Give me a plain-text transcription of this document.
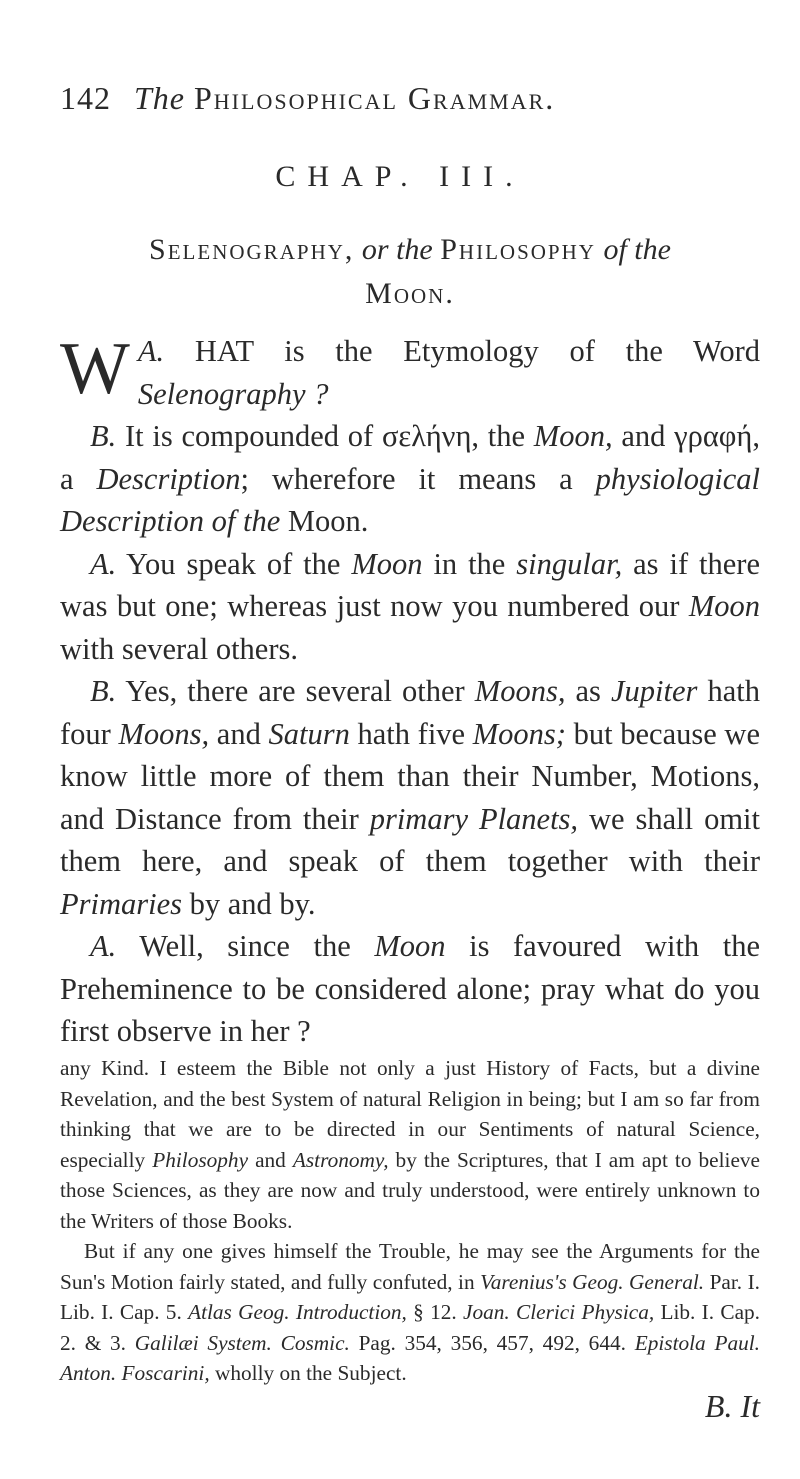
142 The Philosophical Grammar.
CHAP. III.
Selenography, or the Philosophy of the
Moon.

A.
W HAT is the Etymology of the Word Selenography ?

B. It is compounded of σελήνη, the Moon, and γραφή, a Description; wherefore it means a physiological Description of the Moon.

A. You speak of the Moon in the singular, as if there was but one; whereas just now you numbered our Moon with several others.

B. Yes, there are several other Moons, as Jupiter hath four Moons, and Saturn hath five Moons; but because we know little more of them than their Number, Motions, and Distance from their primary Planets, we shall omit them here, and speak of them together with their Primaries by and by.

A. Well, since the Moon is favoured with the Preheminence to be considered alone; pray what do you first observe in her ?

any Kind. I esteem the Bible not only a just History of Facts, but a divine Revelation, and the best System of natural Religion in being; but I am so far from thinking that we are to be directed in our Sentiments of natural Science, especially Philosophy and Astronomy, by the Scriptures, that I am apt to believe those Sciences, as they are now and truly understood, were entirely unknown to the Writers of those Books.

But if any one gives himself the Trouble, he may see the Arguments for the Sun's Motion fairly stated, and fully confuted, in Varenius's Geog. General. Par. I. Lib. I. Cap. 5. Atlas Geog. Introduction, § 12. Joan. Clerici Physica, Lib. I. Cap. 2. & 3. Galilæi System. Cosmic. Pag. 354, 356, 457, 492, 644. Epistola Paul. Anton. Foscarini, wholly on the Subject.

B. It
